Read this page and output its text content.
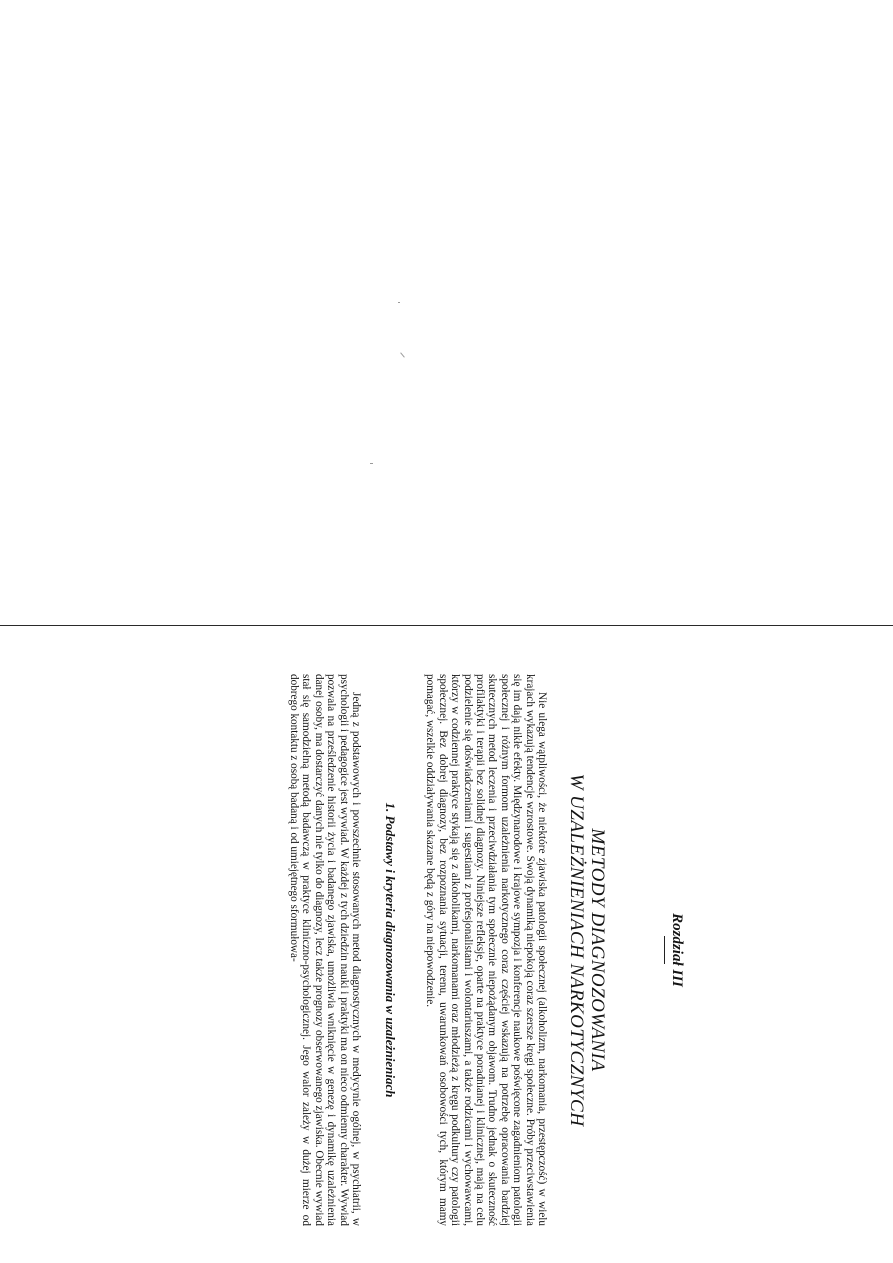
Rozdział III
METODY DIAGNOZOWANIA
W UZALEŻNIENIACH NARKOTYCZNYCH

Nie ulega wątpliwości, że niektóre zjawiska patologii społecznej (alkoholizm, narkomania, przestępczość) w wielu krajach wykazują tendencje wzrostowe. Swoją dynamiką niepokoją coraz szersze kręgi społeczne. Próby przeciwstawienia się im dają nikłe efekty. Międzynarodowe i krajowe sympozja i konferencje naukowe poświęcone zagadnieniom patologii społecznej i różnym formom uzależnienia narkotycznego coraz częściej wskazują na potrzebę opracowania bardziej skutecznych metod leczenia i przeciwdziałania tym społecznie niepożądanym objawom. Trudno jednak o skuteczność profilaktyki i terapii bez solidnej diagnozy. Niniejsze refleksje, oparte na praktyce poradnianej i klinicznej, mają na celu podzielenie się doświadczeniami i sugestiami z profesjonalistami i wolontariuszami, a także rodzicami i wychowawcami, którzy w codziennej praktyce stykają się z alkoholikami, narkomanami oraz młodzieżą z kręgu podkultury czy patologii społecznej. Bez dobrej diagnozy, bez rozpoznania sytuacji, terenu, uwarunkowań osobowości tych, którym mamy pomagać, wszelkie oddziaływania skazane będą z góry na niepowodzenie.

1. Podstawy i kryteria diagnozowania w uzależnieniach

Jedną z podstawowych i powszechnie stosowanych metod diagnostycznych w medycynie ogólnej, w psychiatrii, w psychologii i pedagogice jest wywiad. W każdej z tych dziedzin nauki i praktyki ma on nieco odmienny charakter. Wywiad pozwala na prześledzenie historii życia i badanego zjawiska, umożliwia wniknięcie w genezę i dynamikę uzależnienia danej osoby, ma dostarczyć danych nie tylko do diagnozy, lecz także prognozy obserwowanego zjawiska. Obecnie wywiad stał się samodzielną metodą badawczą w praktyce kliniczno-psychologicznej. Jego walor zależy w dużej mierze od dobrego kontaktu z osobą badaną i od umiejętnego sformułowa-
